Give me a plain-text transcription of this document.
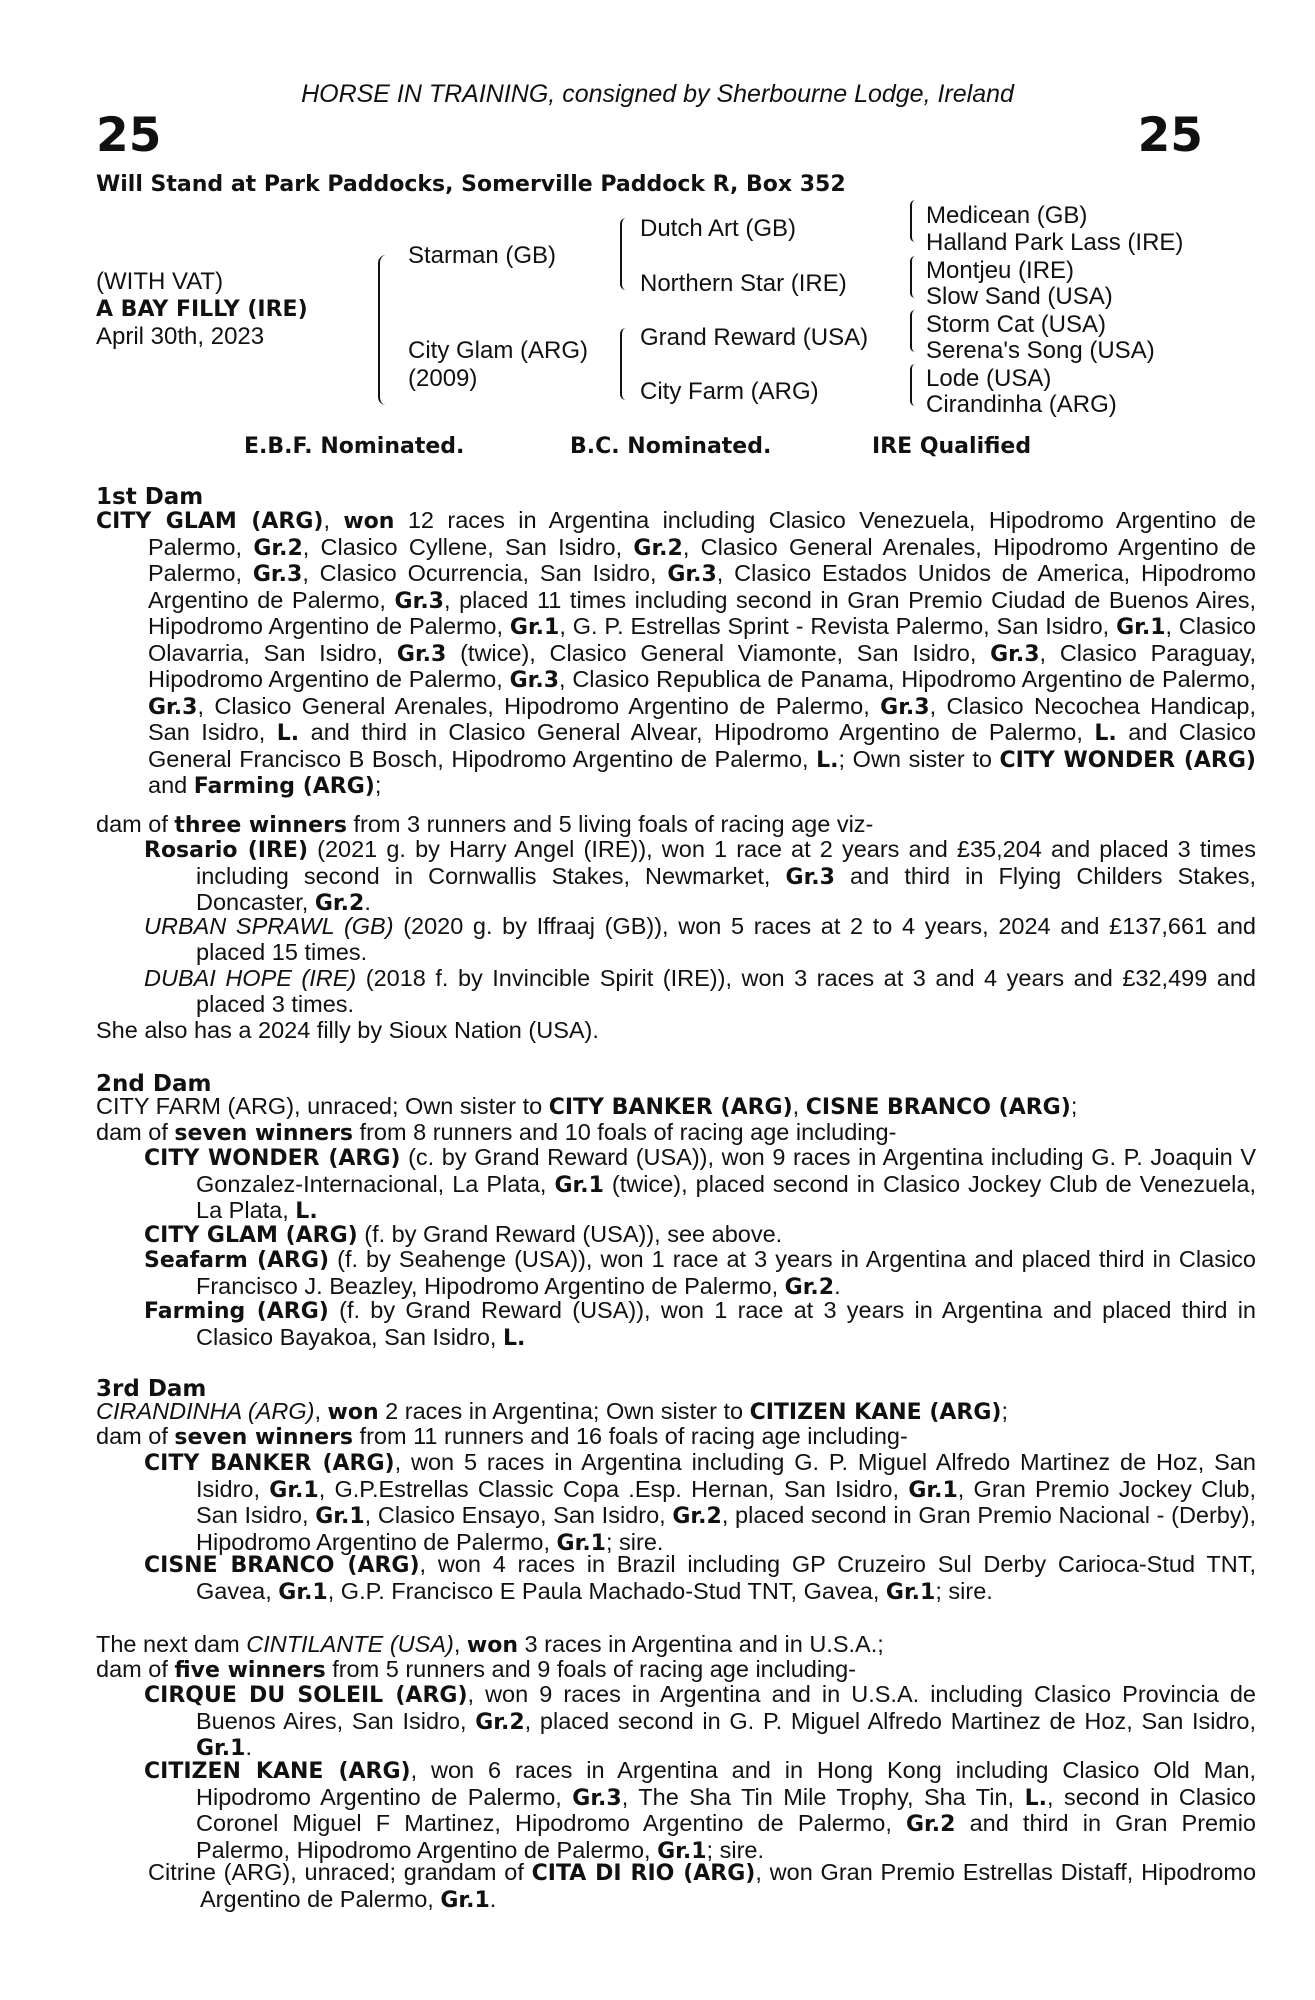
HORSE IN TRAINING, consigned by Sherbourne Lodge, Ireland
25	25
Will Stand at Park Paddocks, Somerville Paddock R, Box 352
(WITH VAT)
A BAY FILLY (IRE)
April 30th, 2023
Starman (GB)
City Glam (ARG)
(2009)
Dutch Art (GB)
Northern Star (IRE)
Grand Reward (USA)
City Farm (ARG)
Medicean (GB)
Halland Park Lass (IRE)
Montjeu (IRE)
Slow Sand (USA)
Storm Cat (USA)
Serena's Song (USA)
Lode (USA)
Cirandinha (ARG)
E.B.F. Nominated.	B.C. Nominated.	IRE Qualified
1st Dam
CITY GLAM (ARG), won 12 races in Argentina including Clasico Venezuela, Hipodromo Argentino de Palermo, Gr.2, Clasico Cyllene, San Isidro, Gr.2, Clasico General Arenales, Hipodromo Argentino de Palermo, Gr.3, Clasico Ocurrencia, San Isidro, Gr.3, Clasico Estados Unidos de America, Hipodromo Argentino de Palermo, Gr.3, placed 11 times including second in Gran Premio Ciudad de Buenos Aires, Hipodromo Argentino de Palermo, Gr.1, G. P. Estrellas Sprint - Revista Palermo, San Isidro, Gr.1, Clasico Olavarria, San Isidro, Gr.3 (twice), Clasico General Viamonte, San Isidro, Gr.3, Clasico Paraguay, Hipodromo Argentino de Palermo, Gr.3, Clasico Republica de Panama, Hipodromo Argentino de Palermo, Gr.3, Clasico General Arenales, Hipodromo Argentino de Palermo, Gr.3, Clasico Necochea Handicap, San Isidro, L. and third in Clasico General Alvear, Hipodromo Argentino de Palermo, L. and Clasico General Francisco B Bosch, Hipodromo Argentino de Palermo, L.; Own sister to CITY WONDER (ARG) and Farming (ARG);
dam of three winners from 3 runners and 5 living foals of racing age viz-
Rosario (IRE) (2021 g. by Harry Angel (IRE)), won 1 race at 2 years and £35,204 and placed 3 times including second in Cornwallis Stakes, Newmarket, Gr.3 and third in Flying Childers Stakes, Doncaster, Gr.2.
URBAN SPRAWL (GB) (2020 g. by Iffraaj (GB)), won 5 races at 2 to 4 years, 2024 and £137,661 and placed 15 times.
DUBAI HOPE (IRE) (2018 f. by Invincible Spirit (IRE)), won 3 races at 3 and 4 years and £32,499 and placed 3 times.
She also has a 2024 filly by Sioux Nation (USA).
2nd Dam
CITY FARM (ARG), unraced; Own sister to CITY BANKER (ARG), CISNE BRANCO (ARG);
dam of seven winners from 8 runners and 10 foals of racing age including-
CITY WONDER (ARG) (c. by Grand Reward (USA)), won 9 races in Argentina including G. P. Joaquin V Gonzalez-Internacional, La Plata, Gr.1 (twice), placed second in Clasico Jockey Club de Venezuela, La Plata, L.
CITY GLAM (ARG) (f. by Grand Reward (USA)), see above.
Seafarm (ARG) (f. by Seahenge (USA)), won 1 race at 3 years in Argentina and placed third in Clasico Francisco J. Beazley, Hipodromo Argentino de Palermo, Gr.2.
Farming (ARG) (f. by Grand Reward (USA)), won 1 race at 3 years in Argentina and placed third in Clasico Bayakoa, San Isidro, L.
3rd Dam
CIRANDINHA (ARG), won 2 races in Argentina; Own sister to CITIZEN KANE (ARG);
dam of seven winners from 11 runners and 16 foals of racing age including-
CITY BANKER (ARG), won 5 races in Argentina including G. P. Miguel Alfredo Martinez de Hoz, San Isidro, Gr.1, G.P.Estrellas Classic Copa .Esp. Hernan, San Isidro, Gr.1, Gran Premio Jockey Club, San Isidro, Gr.1, Clasico Ensayo, San Isidro, Gr.2, placed second in Gran Premio Nacional - (Derby), Hipodromo Argentino de Palermo, Gr.1; sire.
CISNE BRANCO (ARG), won 4 races in Brazil including GP Cruzeiro Sul Derby Carioca-Stud TNT, Gavea, Gr.1, G.P. Francisco E Paula Machado-Stud TNT, Gavea, Gr.1; sire.
The next dam CINTILANTE (USA), won 3 races in Argentina and in U.S.A.;
dam of five winners from 5 runners and 9 foals of racing age including-
CIRQUE DU SOLEIL (ARG), won 9 races in Argentina and in U.S.A. including Clasico Provincia de Buenos Aires, San Isidro, Gr.2, placed second in G. P. Miguel Alfredo Martinez de Hoz, San Isidro, Gr.1.
CITIZEN KANE (ARG), won 6 races in Argentina and in Hong Kong including Clasico Old Man, Hipodromo Argentino de Palermo, Gr.3, The Sha Tin Mile Trophy, Sha Tin, L., second in Clasico Coronel Miguel F Martinez, Hipodromo Argentino de Palermo, Gr.2 and third in Gran Premio Palermo, Hipodromo Argentino de Palermo, Gr.1; sire.
Citrine (ARG), unraced; grandam of CITA DI RIO (ARG), won Gran Premio Estrellas Distaff, Hipodromo Argentino de Palermo, Gr.1.
